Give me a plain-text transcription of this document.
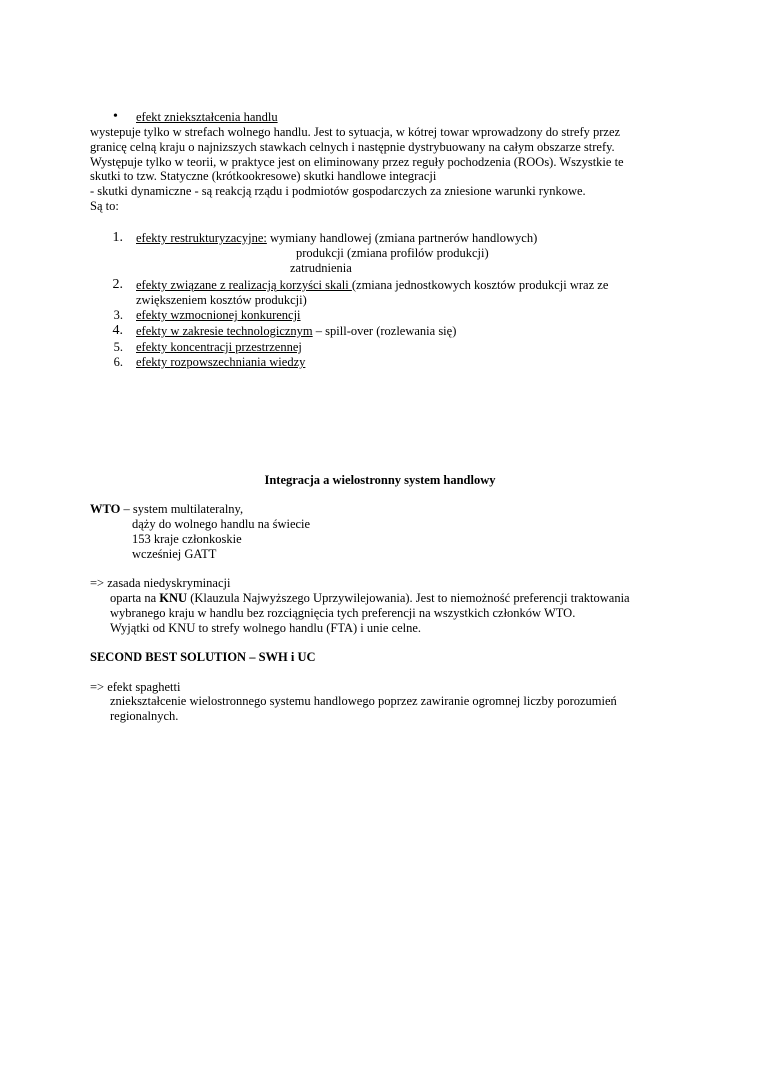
• efekt zniekształcenia handlu
wystepuje tylko w strefach wolnego handlu. Jest to sytuacja, w kótrej towar wprowadzony do strefy przez
granicę celną kraju o najnizszych stawkach celnych i następnie dystrybuowany na całym obszarze strefy.
Występuje tylko w teorii, w praktyce jest on eliminowany przez reguły pochodzenia (ROOs). Wszystkie te
skutki to tzw. Statyczne (krótkookresowe) skutki handlowe integracji
- skutki dynamiczne - są reakcją rządu i podmiotów gospodarczych za zniesione warunki rynkowe.
Są to:
1. efekty restrukturyzacyjne: wymiany handlowej (zmiana partnerów handlowych)
produkcji (zmiana profilów produkcji)
zatrudnienia
2. efekty związane z realizacją korzyści skali (zmiana jednostkowych kosztów produkcji wraz ze
zwiększeniem kosztów produkcji)
3. efekty wzmocnionej konkurencji
4. efekty w zakresie technologicznym – spill-over (rozlewania się)
5. efekty koncentracji przestrzennej
6. efekty rozpowszechniania wiedzy
Integracja a wielostronny system handlowy
WTO – system multilateralny,
dąży do wolnego handlu na świecie
153 kraje członkoskie
wcześniej GATT
=> zasada niedyskryminacji
oparta na KNU (Klauzula Najwyższego Uprzywilejowania). Jest to niemożność preferencji traktowania
wybranego kraju w handlu bez rozciągnięcia tych preferencji na wszystkich członków WTO.
Wyjątki od KNU to strefy wolnego handlu (FTA) i unie celne.
SECOND BEST SOLUTION – SWH i UC
=> efekt spaghetti
zniekształcenie wielostronnego systemu handlowego poprzez zawiranie ogromnej liczby porozumień
regionalnych.
